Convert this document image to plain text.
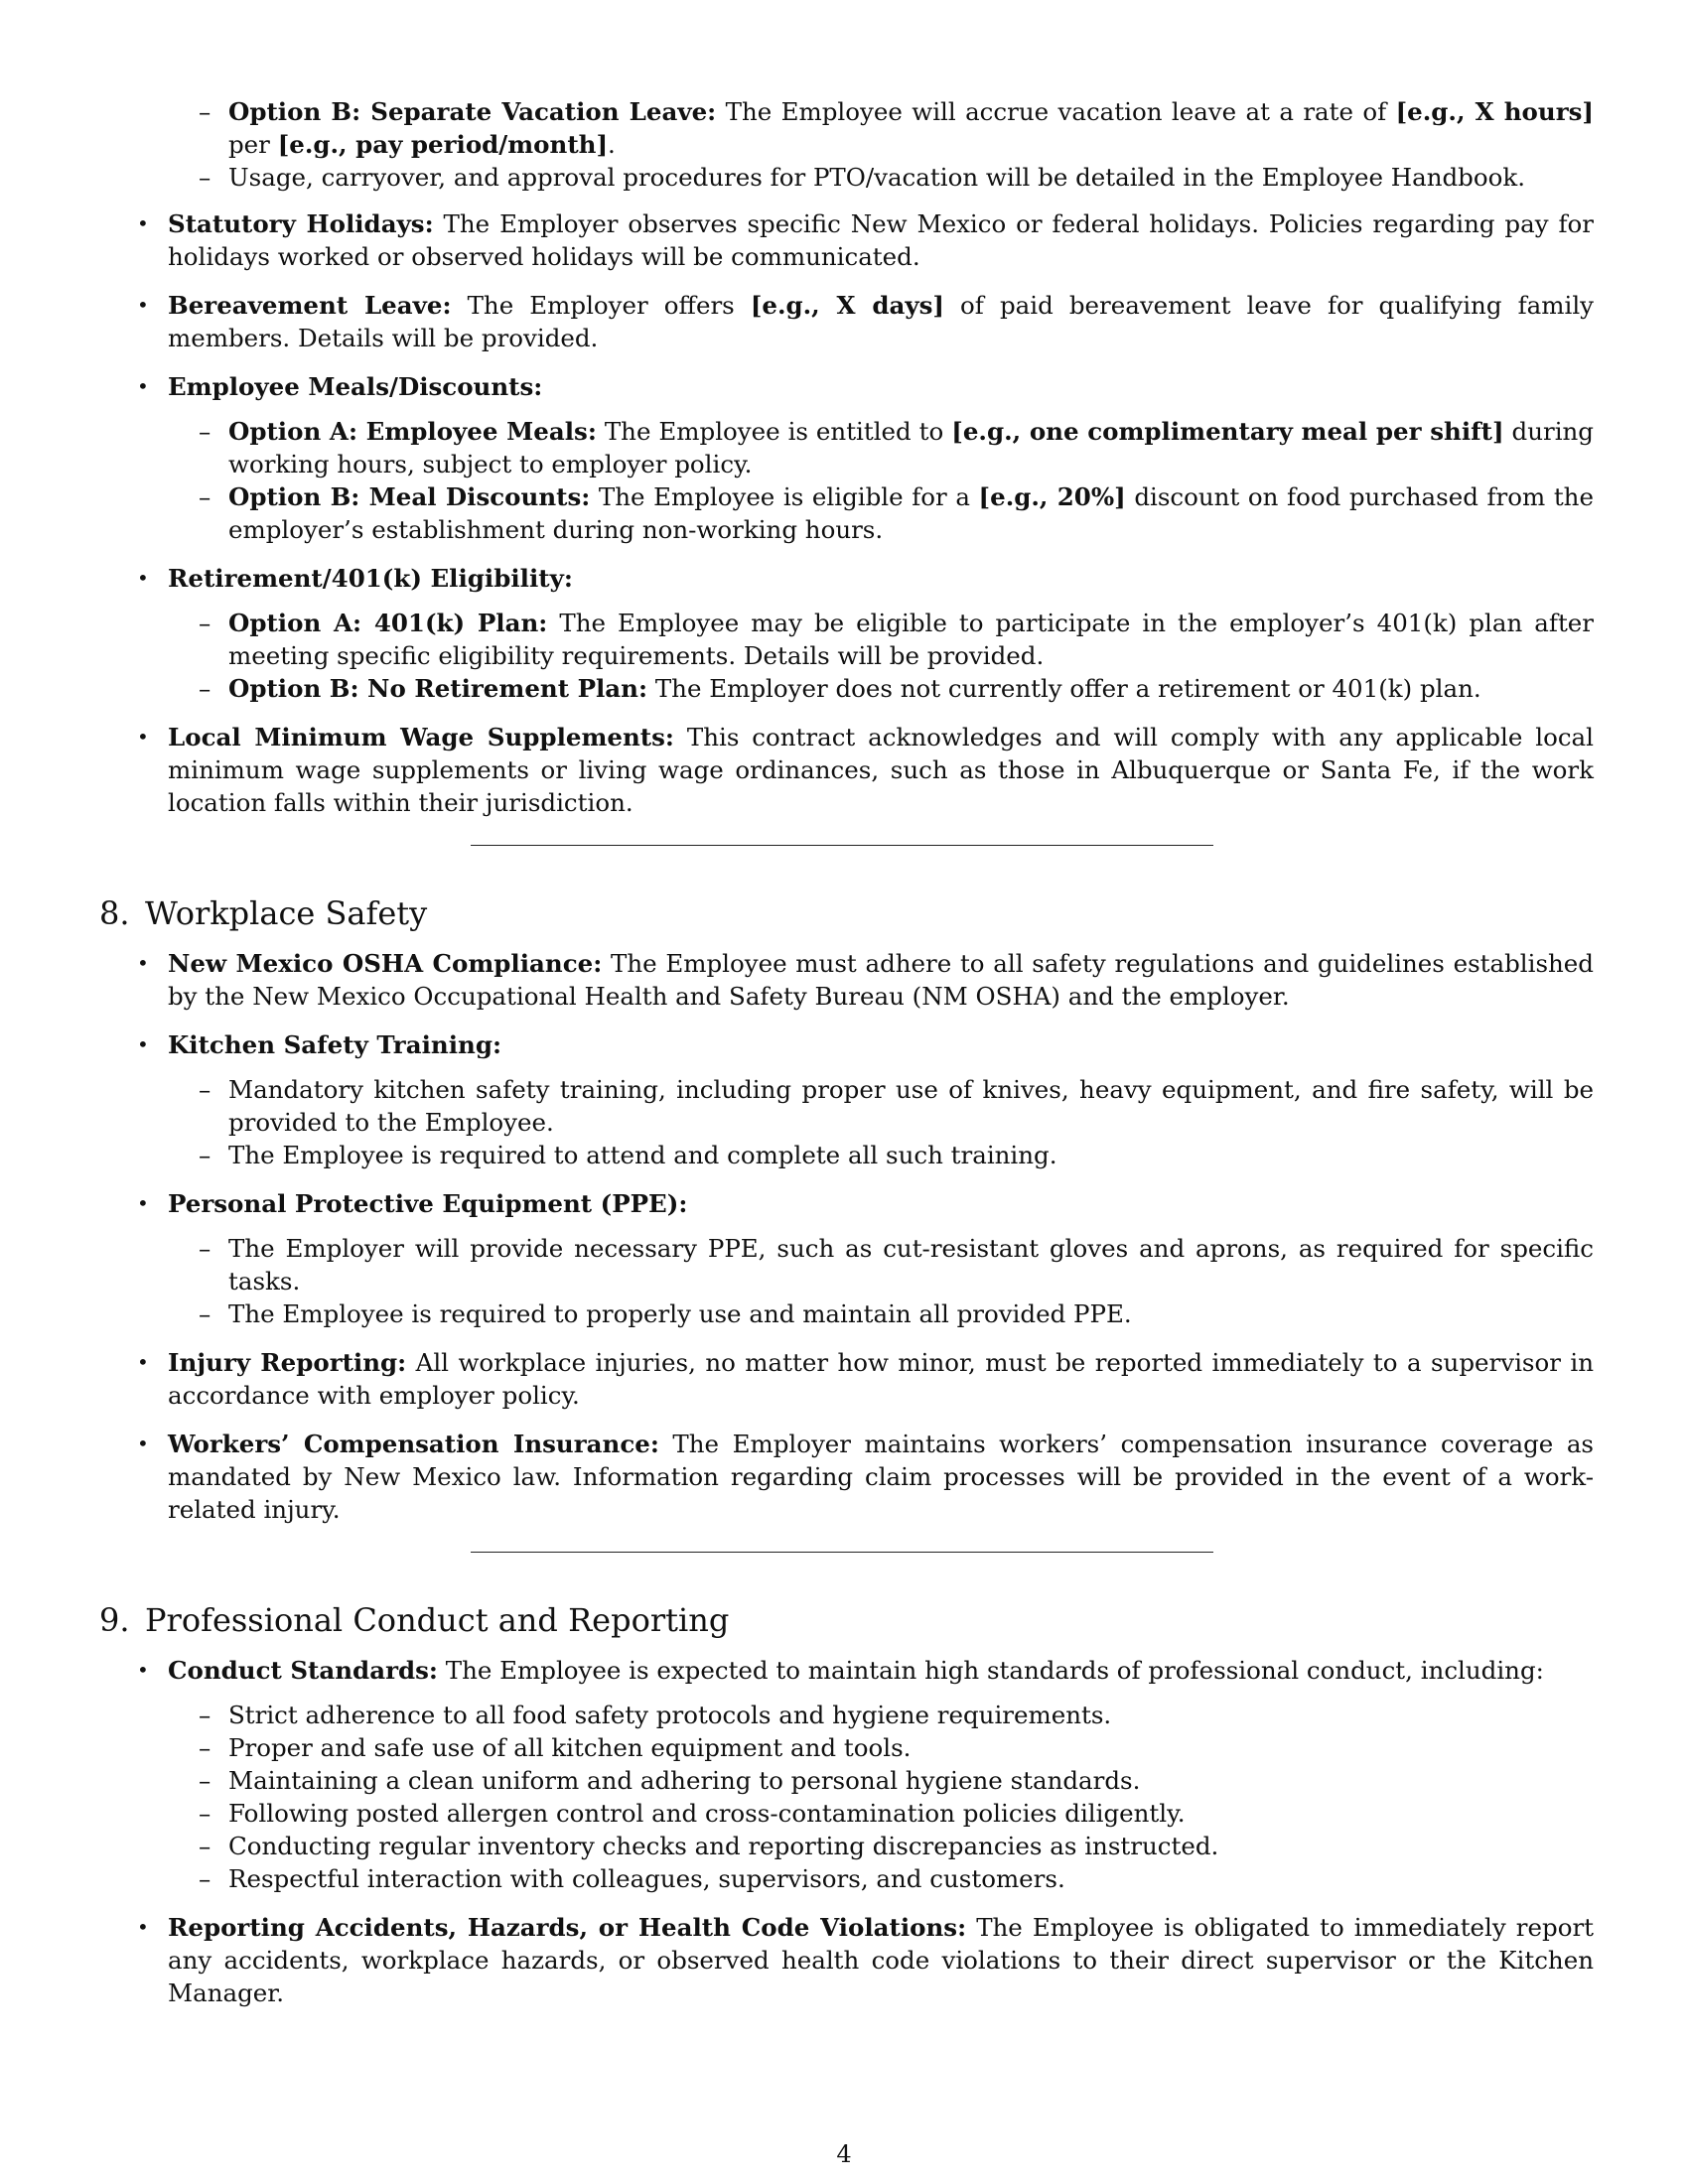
– Option B: Separate Vacation Leave: The Employee will accrue vacation leave at a rate of [e.g., X hours] per [e.g., pay period/month].
– Usage, carryover, and approval procedures for PTO/vacation will be detailed in the Employee Handbook.
• Statutory Holidays: The Employer observes specific New Mexico or federal holidays. Policies regarding pay for holidays worked or observed holidays will be communicated.
• Bereavement Leave: The Employer offers [e.g., X days] of paid bereavement leave for qualifying family members. Details will be provided.
• Employee Meals/Discounts:
– Option A: Employee Meals: The Employee is entitled to [e.g., one complimentary meal per shift] during working hours, subject to employer policy.
– Option B: Meal Discounts: The Employee is eligible for a [e.g., 20%] discount on food purchased from the employer’s establishment during non-working hours.
• Retirement/401(k) Eligibility:
– Option A: 401(k) Plan: The Employee may be eligible to participate in the employer’s 401(k) plan after meeting specific eligibility requirements. Details will be provided.
– Option B: No Retirement Plan: The Employer does not currently offer a retirement or 401(k) plan.
• Local Minimum Wage Supplements: This contract acknowledges and will comply with any applicable local minimum wage supplements or living wage ordinances, such as those in Albuquerque or Santa Fe, if the work location falls within their jurisdiction.
8. Workplace Safety
• New Mexico OSHA Compliance: The Employee must adhere to all safety regulations and guidelines established by the New Mexico Occupational Health and Safety Bureau (NM OSHA) and the employer.
• Kitchen Safety Training:
– Mandatory kitchen safety training, including proper use of knives, heavy equipment, and fire safety, will be provided to the Employee.
– The Employee is required to attend and complete all such training.
• Personal Protective Equipment (PPE):
– The Employer will provide necessary PPE, such as cut-resistant gloves and aprons, as required for specific tasks.
– The Employee is required to properly use and maintain all provided PPE.
• Injury Reporting: All workplace injuries, no matter how minor, must be reported immediately to a supervisor in accordance with employer policy.
• Workers’ Compensation Insurance: The Employer maintains workers’ compensation insurance coverage as mandated by New Mexico law. Information regarding claim processes will be provided in the event of a work-related injury.
9. Professional Conduct and Reporting
• Conduct Standards: The Employee is expected to maintain high standards of professional conduct, including:
– Strict adherence to all food safety protocols and hygiene requirements.
– Proper and safe use of all kitchen equipment and tools.
– Maintaining a clean uniform and adhering to personal hygiene standards.
– Following posted allergen control and cross-contamination policies diligently.
– Conducting regular inventory checks and reporting discrepancies as instructed.
– Respectful interaction with colleagues, supervisors, and customers.
• Reporting Accidents, Hazards, or Health Code Violations: The Employee is obligated to immediately report any accidents, workplace hazards, or observed health code violations to their direct supervisor or the Kitchen Manager.
4
